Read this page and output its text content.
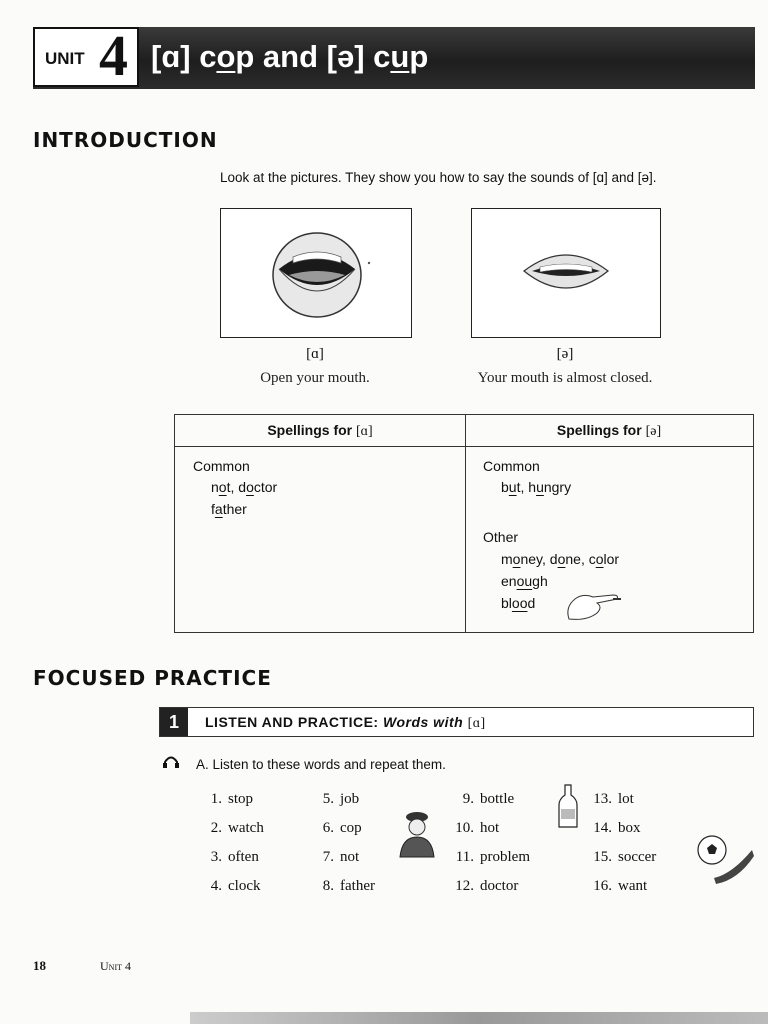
UNIT 4 [ɑ] cop and [ə] cup
INTRODUCTION
Look at the pictures. They show you how to say the sounds of [ɑ] and [ə].
[ɑ]
Open your mouth.
[ə]
Your mouth is almost closed.
Spellings for [ɑ]
Common
not, doctor
father
Spellings for [ə]
Common
but, hungry
Other
money, done, color
enough
blood
FOCUSED PRACTICE
1	LISTEN AND PRACTICE: Words with [ɑ]
A. Listen to these words and repeat them.
1. stop
2. watch
3. often
4. clock
5. job
6. cop
7. not
8. father
9. bottle
10. hot
11. problem
12. doctor
13. lot
14. box
15. soccer
16. want
18	Unit 4
